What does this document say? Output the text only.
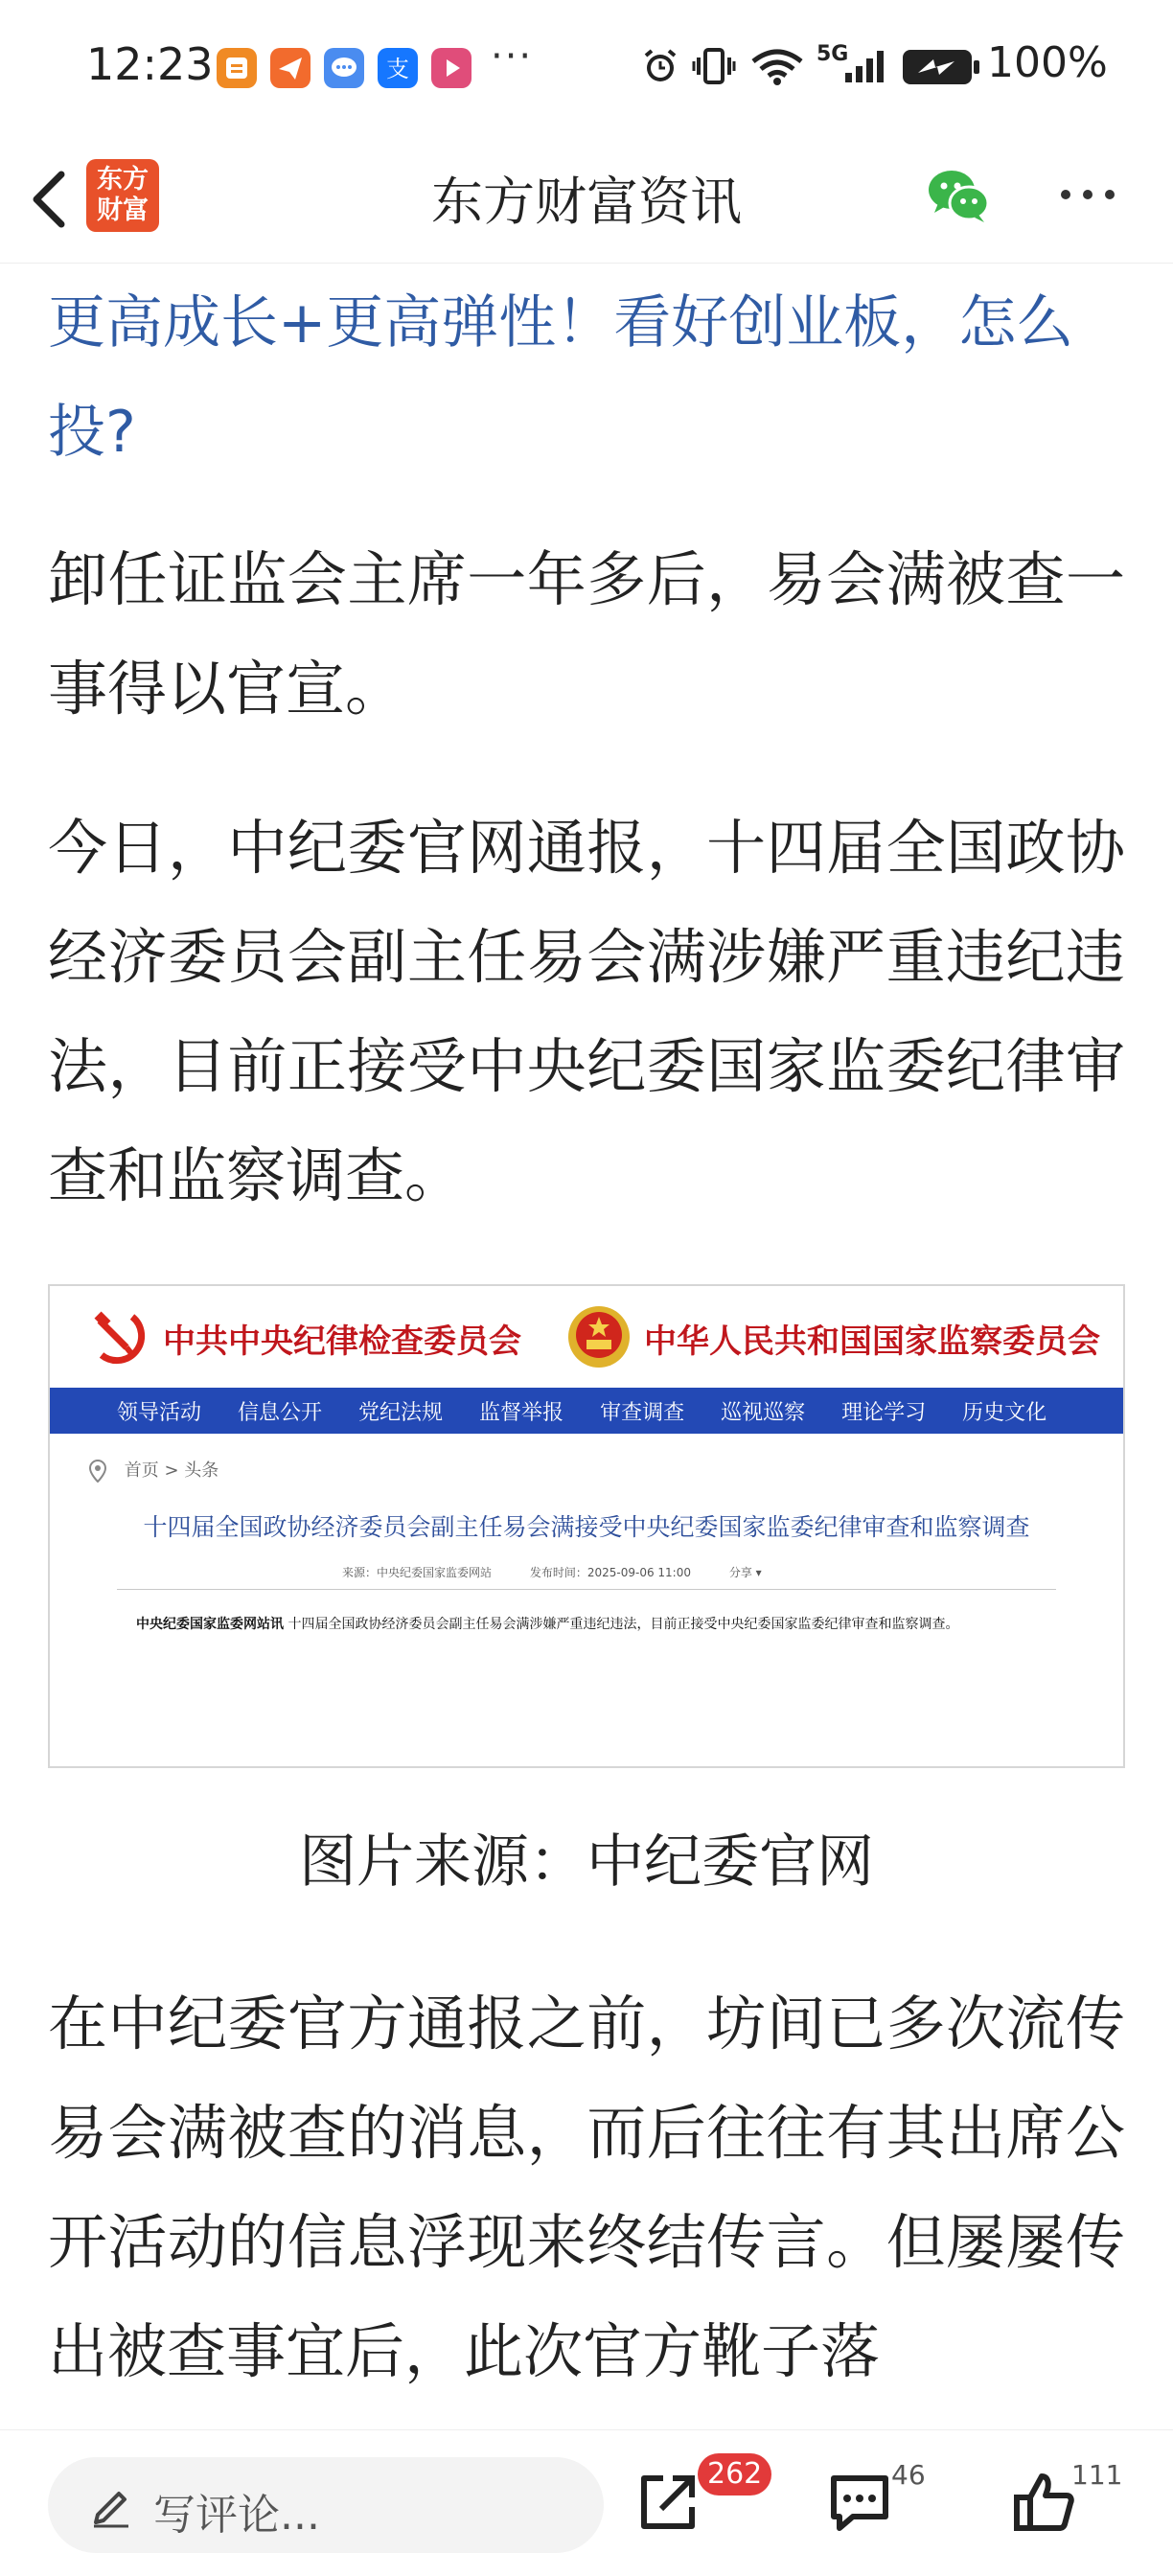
12:23	支 ···	5G	100%
东方
财富	东方财富资讯
更高成长+更高弹性！看好创业板，怎么投?
卸任证监会主席一年多后，易会满被查一事得以官宣。
今日，中纪委官网通报，十四届全国政协经济委员会副主任易会满涉嫌严重违纪违法，目前正接受中央纪委国家监委纪律审查和监察调查。
中共中央纪律检查委员会	中华人民共和国国家监察委员会
领导活动 信息公开 党纪法规 监督举报 审查调查 巡视巡察 理论学习 历史文化
首页 > 头条
十四届全国政协经济委员会副主任易会满接受中央纪委国家监委纪律审查和监察调查
来源：中央纪委国家监委网站	发布时间：2025-09-06 11:00	分享 ▾
中央纪委国家监委网站讯 十四届全国政协经济委员会副主任易会满涉嫌严重违纪违法，目前正接受中央纪委国家监委纪律审查和监察调查。
图片来源：中纪委官网
在中纪委官方通报之前，坊间已多次流传易会满被查的消息，而后往往有其出席公开活动的信息浮现来终结传言。但屡屡传出被查事宜后，此次官方靴子落
写评论...
262	46	111
